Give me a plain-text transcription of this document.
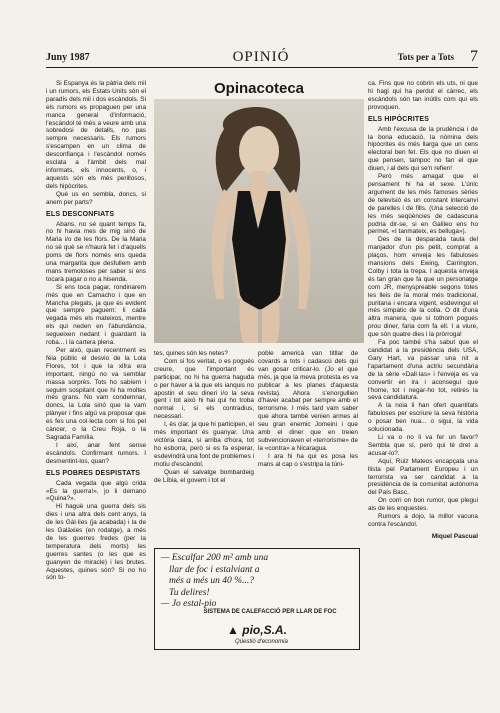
Juny 1987	OPINIÓ	Tots per a Tots 7

Si Espanya és la pàtria dels mil i un rumors, els Estats Units són el paradís dels mil i dos escàndols. Si els rumors es propaguen per una manca general d'informació, l'escàndol té més a veure amb una sobredosi de detalls, no pas sempre necessaris. Els rumors s'escampen en un clima de desconfiança i l'escàndol només esclata a l'àmbit dels mal informats, els innocents, o, i aquests són els més perillosos, dels hipòcrites.

Què us en sembla, doncs, si anem per parts?

ELS DESCONFIATS

Abans, no sé quant temps fa, no hi havia mes de mig sinó de Maria i/o de les flors. De la Maria no sé què se n'haurà fet i d'aquells poms de flors només ens queda una margarita que desfullem amb mans tremoloses per saber si ens tocarà pagar o no a hisenda.

Si ens toca pagar, rondinarem més que en Camacho i que en Mancha plegats, ja que és evident que sempre paguem: li cada vegada més els mateixos, mentre els qui neden en l'abundància, segueixen nedant i guardant la roba... i la cartera plena.

Per això, quan recentment es féia públic el desvio de la Lola Flores, tot i que la xifra era important, ningú no va semblar massa sorprès. Tots ho sabíem i seguim sospitant que hi ha moltes més grans. No vam condemnar, doncs, la Lola sinó que la vam plànyer i fins algú va proposar que es fes una col·lecta com si fos pel càncer, o la Creu Roja, o la Sagrada Família.

I així, anar fent sense escàndols. Confirmant rumors. I desmentint-los, quan?

ELS POBRES DESPISTATS

Cada vegada que algú crida «Es la guerra!», jo li demano «Quina?».

Hi haguè una guerra dels sis dies i una altra dels cent anys, la de les Gàl·lies (ja acabada) i la de les Galàxies (en rodatge), a més de les guerres fredes (per la temperatura dels morts) les guerres santes (o les que es guanyen de miracle) i les brutes. Aquestes, quines són? Si no ho són to-

Opinacoteca

tes, quines són les netes?

Com si fos veritat, o es pogués creure, que l'important és participar, no hi ha guerra haguda o per haver a la que els ianquis no apostin el seu dineri i/o la seva gent i tot això hi hai qui ho troba normal i, si els contradius, necessari.

I, és clar, ja que hi participen, el més important és guanyar. Una victòria clara, si arriba d'hora, tot ho esborra, però si es fa esperar, esdevindrà una font de problemes i motiu d'escàndol.

Quan el salvatge bombardeig de Líbia, el govern i tot el

poble americà van titllar de covards a tots i cadascú dels qui van gosar criticar-lo. (Jo el que més, ja que la meva protesta es va publicar a les planes d'aquesta revista). Ahora s'enorgullien d'haver acabat per sempre amb el terrorisme. I més tard vam saber que ahora també venien armes al seu gran enemic Jomeini i que amb el diner que en treien subvencionaven el «terrorisme» de la «contra» a Nicaragua.

I ara hi ha qui es posa les mans al cap o s'estripa la túni-

— Escalfar 200 m² amb una
llar de foc i estalviant a
més a més un 40 %...?
Tu delires!
— Jo estal-pio
SISTEMA DE CALEFACCIÓ PER LLAR DE FOC
▲ pio,S.A.
Qüestió d'economia

ca. Fins que no cobrin els uts, ni que hi hagi qui ha perdut el càrrec, els escàndols són tan inútils com qui els provoquen.

ELS HIPÒCRITES

Amb l'excusa de la prudència i de la bona educació, la nòmina dels hipòcrites és més llarga que un cens electoral ben fet. Els que no diuen el que pensen, tampoc no fan el que diuen, i al dels qui se'n refien!

Però més amagat que el pensament hi ha el sexe. L'únic argument de les més famoses sèries de televisió és un constant intercanvi de parelles i de fills. (Una selecció de les més seqüències de cadascuna podria dir-se, si en Galileo ens ho permet, «I tanmateix, es belluga»).

Des de la desparada taula del manjador d'un pis petit, comprat a plaços, hom enveja les fabuloses mansions dels Ewing, Carrington, Colby i tota la trepa. I aquesta enveja és tan gran que fa que un personatge com JR, menyspreable segons totes les lleis de la moral més tradicional, puritana i encara vigent, esdevingui el més simpàtic de la colla. O dit d'una altra manera, que si tothom pogués prou diner, faria com fa ell. I a viure, que són quatre dies i la pròrroga!

Fa poc també s'ha sabut que el candidat a la presidència dels USA, Gary Hart, va passar una nit a l'apartament d'una actriu secundària de la sèrie «Dall·las» i l'enveja es va convertir en ira i aconseguí que l'home, tot i negar-ho tot, retirés la seva candidatura.

A la noia li han ofert quantitats fabuloses per escriure la seva història o posar ben nua... o sigui, la vida solucionada.

Li va o no li va fer un favor? Sembla que sí, però qui té dret a acusar-lo?.

Aquí, Ruiz Mateos encapçala una llista pel Parlament Europeu i un terrorista va ser candidat a la presidència de la comunitat autònoma del País Basc.

On corri on bon rumor, que plegui als de les enquestes.

Rumors a dojo, la millor vacuna contra l'escàndol.

Miquel Pascual
